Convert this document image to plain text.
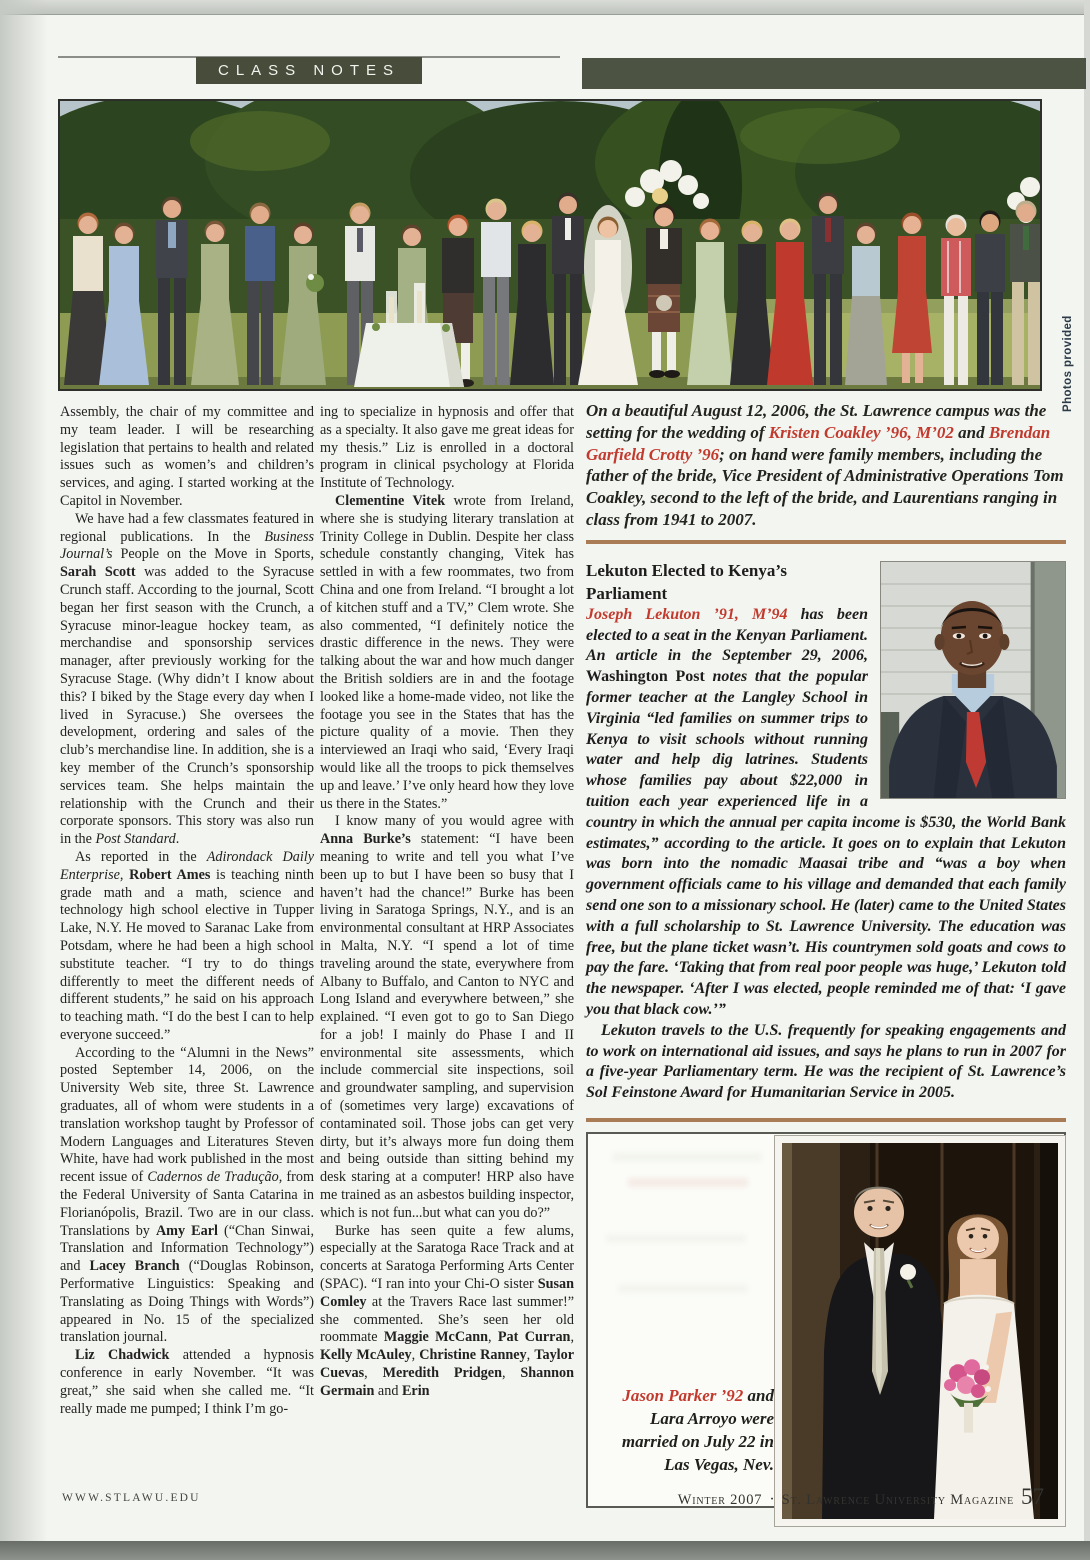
CLASS NOTES
Photos provided

Assembly, the chair of my committee and my team leader. I will be researching legislation that pertains to health and related issues such as women’s and children’s services, and aging. I started working at the Capitol in November.

We have had a few classmates featured in regional publications. In the Business Journal’s People on the Move in Sports, Sarah Scott was added to the Syracuse Crunch staff. According to the journal, Scott began her first season with the Crunch, a Syracuse minor-league hockey team, as merchandise and sponsorship services manager, after previously working for the Syracuse Stage. (Why didn’t I know about this? I biked by the Stage every day when I lived in Syracuse.) She oversees the development, ordering and sales of the club’s merchandise line. In addition, she is a key member of the Crunch’s sponsorship services team. She helps maintain the relationship with the Crunch and their corporate sponsors. This story was also run in the Post Standard.

As reported in the Adirondack Daily Enterprise, Robert Ames is teaching ninth grade math and a math, science and technology high school elective in Tupper Lake, N.Y. He moved to Saranac Lake from Potsdam, where he had been a high school substitute teacher. “I try to do things differently to meet the different needs of different students,” he said on his approach to teaching math. “I do the best I can to help everyone succeed.”

According to the “Alumni in the News” posted September 14, 2006, on the University Web site, three St. Lawrence graduates, all of whom were students in a translation workshop taught by Professor of Modern Languages and Literatures Steven White, have had work published in the most recent issue of Cadernos de Tradução, from the Federal University of Santa Catarina in Florianópolis, Brazil. Two are in our class. Translations by Amy Earl (“Chan Sinwai, Translation and Information Technology”) and Lacey Branch (“Douglas Robinson, Performative Linguistics: Speaking and Translating as Doing Things with Words”) appeared in No. 15 of the specialized translation journal.

Liz Chadwick attended a hypnosis conference in early November. “It was great,” she said when she called me. “It really made me pumped; I think I’m go-

ing to specialize in hypnosis and offer that as a specialty. It also gave me great ideas for my thesis.” Liz is enrolled in a doctoral program in clinical psychology at Florida Institute of Technology.

Clementine Vitek wrote from Ireland, where she is studying literary translation at Trinity College in Dublin. Despite her class schedule constantly changing, Vitek has settled in with a few roommates, two from China and one from Ireland. “I brought a lot of kitchen stuff and a TV,” Clem wrote. She also commented, “I definitely notice the drastic difference in the news. They were talking about the war and how much danger the British soldiers are in and the footage looked like a home-made video, not like the footage you see in the States that has the picture quality of a movie. Then they interviewed an Iraqi who said, ‘Every Iraqi would like all the troops to pick themselves up and leave.’ I’ve only heard how they love us there in the States.”

I know many of you would agree with Anna Burke’s statement: “I have been meaning to write and tell you what I’ve been up to but I have been so busy that I haven’t had the chance!” Burke has been living in Saratoga Springs, N.Y., and is an environmental consultant at HRP Associates in Malta, N.Y. “I spend a lot of time traveling around the state, everywhere from Albany to Buffalo, and Canton to NYC and Long Island and everywhere between,” she explained. “I even got to go to San Diego for a job! I mainly do Phase I and II environmental site assessments, which include commercial site inspections, soil and groundwater sampling, and supervision of (sometimes very large) excavations of contaminated soil. Those jobs can get very dirty, but it’s always more fun doing them and being outside than sitting behind my desk staring at a computer! HRP also have me trained as an asbestos building inspector, which is not fun...but what can you do?”

Burke has seen quite a few alums, especially at the Saratoga Race Track and at concerts at Saratoga Performing Arts Center (SPAC). “I ran into your Chi-O sister Susan Comley at the Travers Race last summer!” she commented. She’s seen her old roommate Maggie McCann, Pat Curran, Kelly McAuley, Christine Ranney, Taylor Cuevas, Meredith Pridgen, Shannon Germain and Erin

On a beautiful August 12, 2006, the St. Lawrence campus was the setting for the wedding of Kristen Coakley ’96, M’02 and Brendan Garfield Crotty ’96; on hand were family members, including the father of the bride, Vice President of Administrative Operations Tom Coakley, second to the left of the bride, and Laurentians ranging in class from 1941 to 2007.
Lekuton Elected to Kenya’s Parliament

Joseph Lekuton ’91, M’94 has been elected to a seat in the Kenyan Parliament. An article in the September 29, 2006, Washington Post notes that the popular former teacher at the Langley School in Virginia “led families on summer trips to Kenya to visit schools without running water and help dig latrines. Students whose families pay about $22,000 in tuition each year experienced life in a country in which the annual per capita income is $530, the World Bank estimates,” according to the article. It goes on to explain that Lekuton was born into the nomadic Maasai tribe and “was a boy when government officials came to his village and demanded that each family send one son to a missionary school. He (later) came to the United States with a full scholarship to St. Lawrence University. The education was free, but the plane ticket wasn’t. His countrymen sold goats and cows to pay the fare. ‘Taking that from real poor people was huge,’ Lekuton told the newspaper. ‘After I was elected, people reminded me of that: ‘I gave you that black cow.’”

Lekuton travels to the U.S. frequently for speaking engagements and to work on international aid issues, and says he plans to run in 2007 for a five-year Parliamentary term. He was the recipient of St. Lawrence’s Sol Feinstone Award for Humanitarian Service in 2005.

Jason Parker ’92 and Lara Arroyo were married on July 22 in Las Vegas, Nev.
WWW.STLAWU.EDU	Winter 2007 · St. Lawrence University Magazine 57
